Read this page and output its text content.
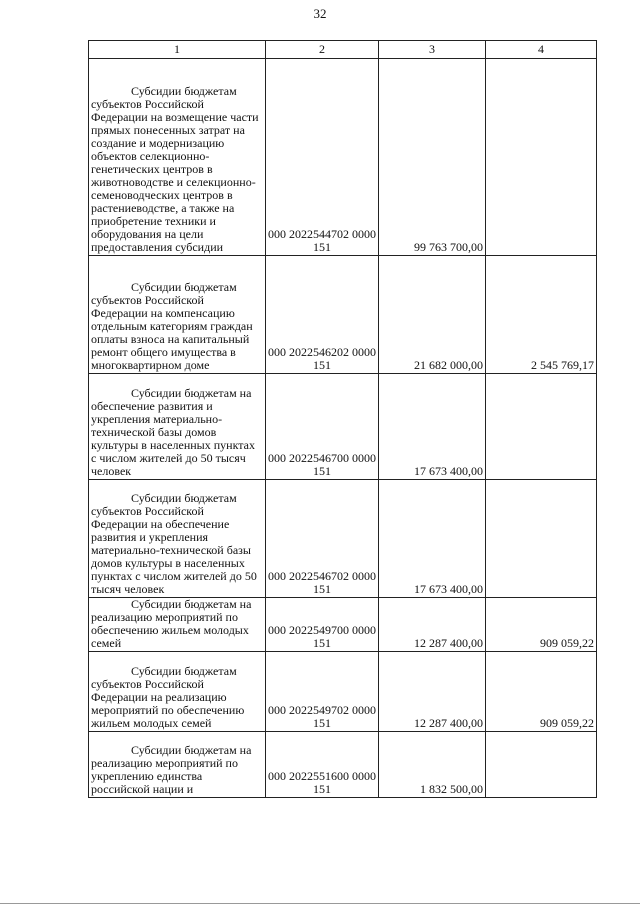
32
1	2	3	4

Субсидии бюджетам субъектов Российской Федерации на возмещение части прямых понесенных затрат на создание и модернизацию объектов селекционно-генетических центров в животноводстве и селекционно-семеноводческих центров в растениеводстве, а также на приобретение техники и оборудования на цели предоставления субсидии	000 2022544702 0000 151	99 763 700,00	

Субсидии бюджетам субъектов Российской Федерации на компенсацию отдельным категориям граждан оплаты взноса на капитальный ремонт общего имущества в многоквартирном доме	000 2022546202 0000 151	21 682 000,00	2 545 769,17

Субсидии бюджетам на обеспечение развития и укрепления материально-технической базы домов культуры в населенных пунктах с числом жителей до 50 тысяч человек	000 2022546700 0000 151	17 673 400,00	

Субсидии бюджетам субъектов Российской Федерации на обеспечение развития и укрепления материально-технической базы домов культуры в населенных пунктах с числом жителей до 50 тысяч человек	000 2022546702 0000 151	17 673 400,00	

Субсидии бюджетам на реализацию мероприятий по обеспечению жильем молодых семей	000 2022549700 0000 151	12 287 400,00	909 059,22

Субсидии бюджетам субъектов Российской Федерации на реализацию мероприятий по обеспечению жильем молодых семей	000 2022549702 0000 151	12 287 400,00	909 059,22

Субсидии бюджетам на реализацию мероприятий по укреплению единства российской нации и	000 2022551600 0000 151	1 832 500,00	
